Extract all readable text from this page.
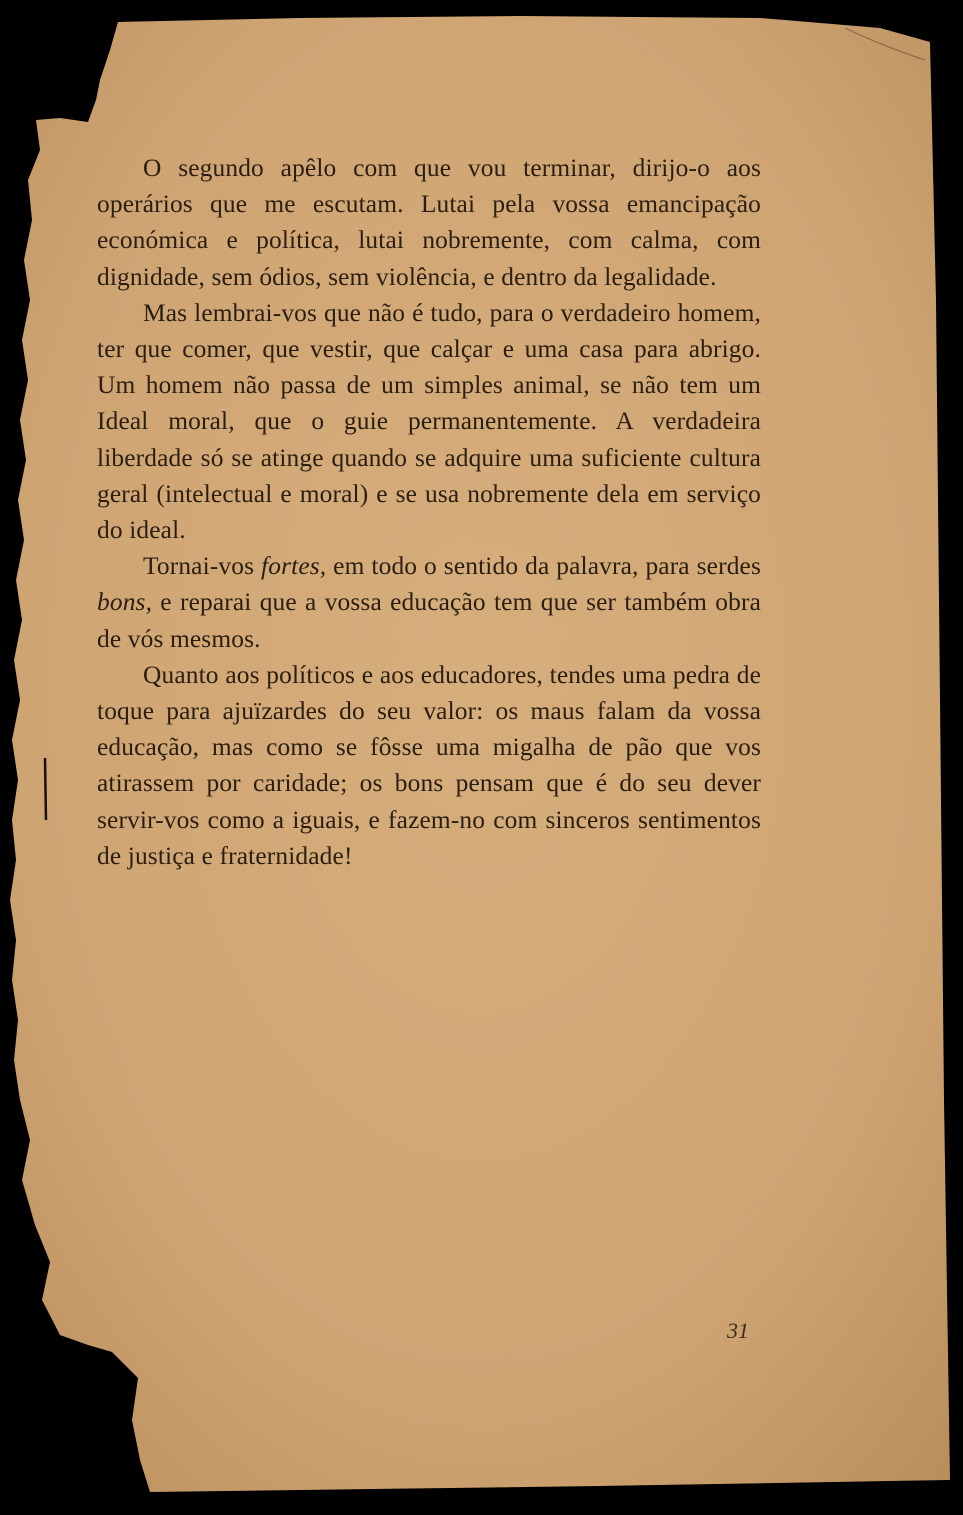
O segundo apêlo com que vou terminar, dirijo-o aos operários que me escutam. Lutai pela vossa emancipação económica e política, lutai nobremente, com calma, com dignidade, sem ódios, sem violência, e dentro da legalidade.

Mas lembrai-vos que não é tudo, para o verdadeiro homem, ter que comer, que vestir, que calçar e uma casa para abrigo. Um homem não passa de um simples animal, se não tem um Ideal moral, que o guie permanentemente. A verdadeira liberdade só se atinge quando se adquire uma suficiente cultura geral (intelectual e moral) e se usa nobremente dela em serviço do ideal.

Tornai-vos fortes, em todo o sentido da palavra, para serdes bons, e reparai que a vossa educação tem que ser também obra de vós mesmos.

Quanto aos políticos e aos educadores, tendes uma pedra de toque para ajuïzardes do seu valor: os maus falam da vossa educação, mas como se fôsse uma migalha de pão que vos atirassem por caridade; os bons pensam que é do seu dever servir-vos como a iguais, e fazem-no com sinceros sentimentos de justiça e fraternidade!

31
